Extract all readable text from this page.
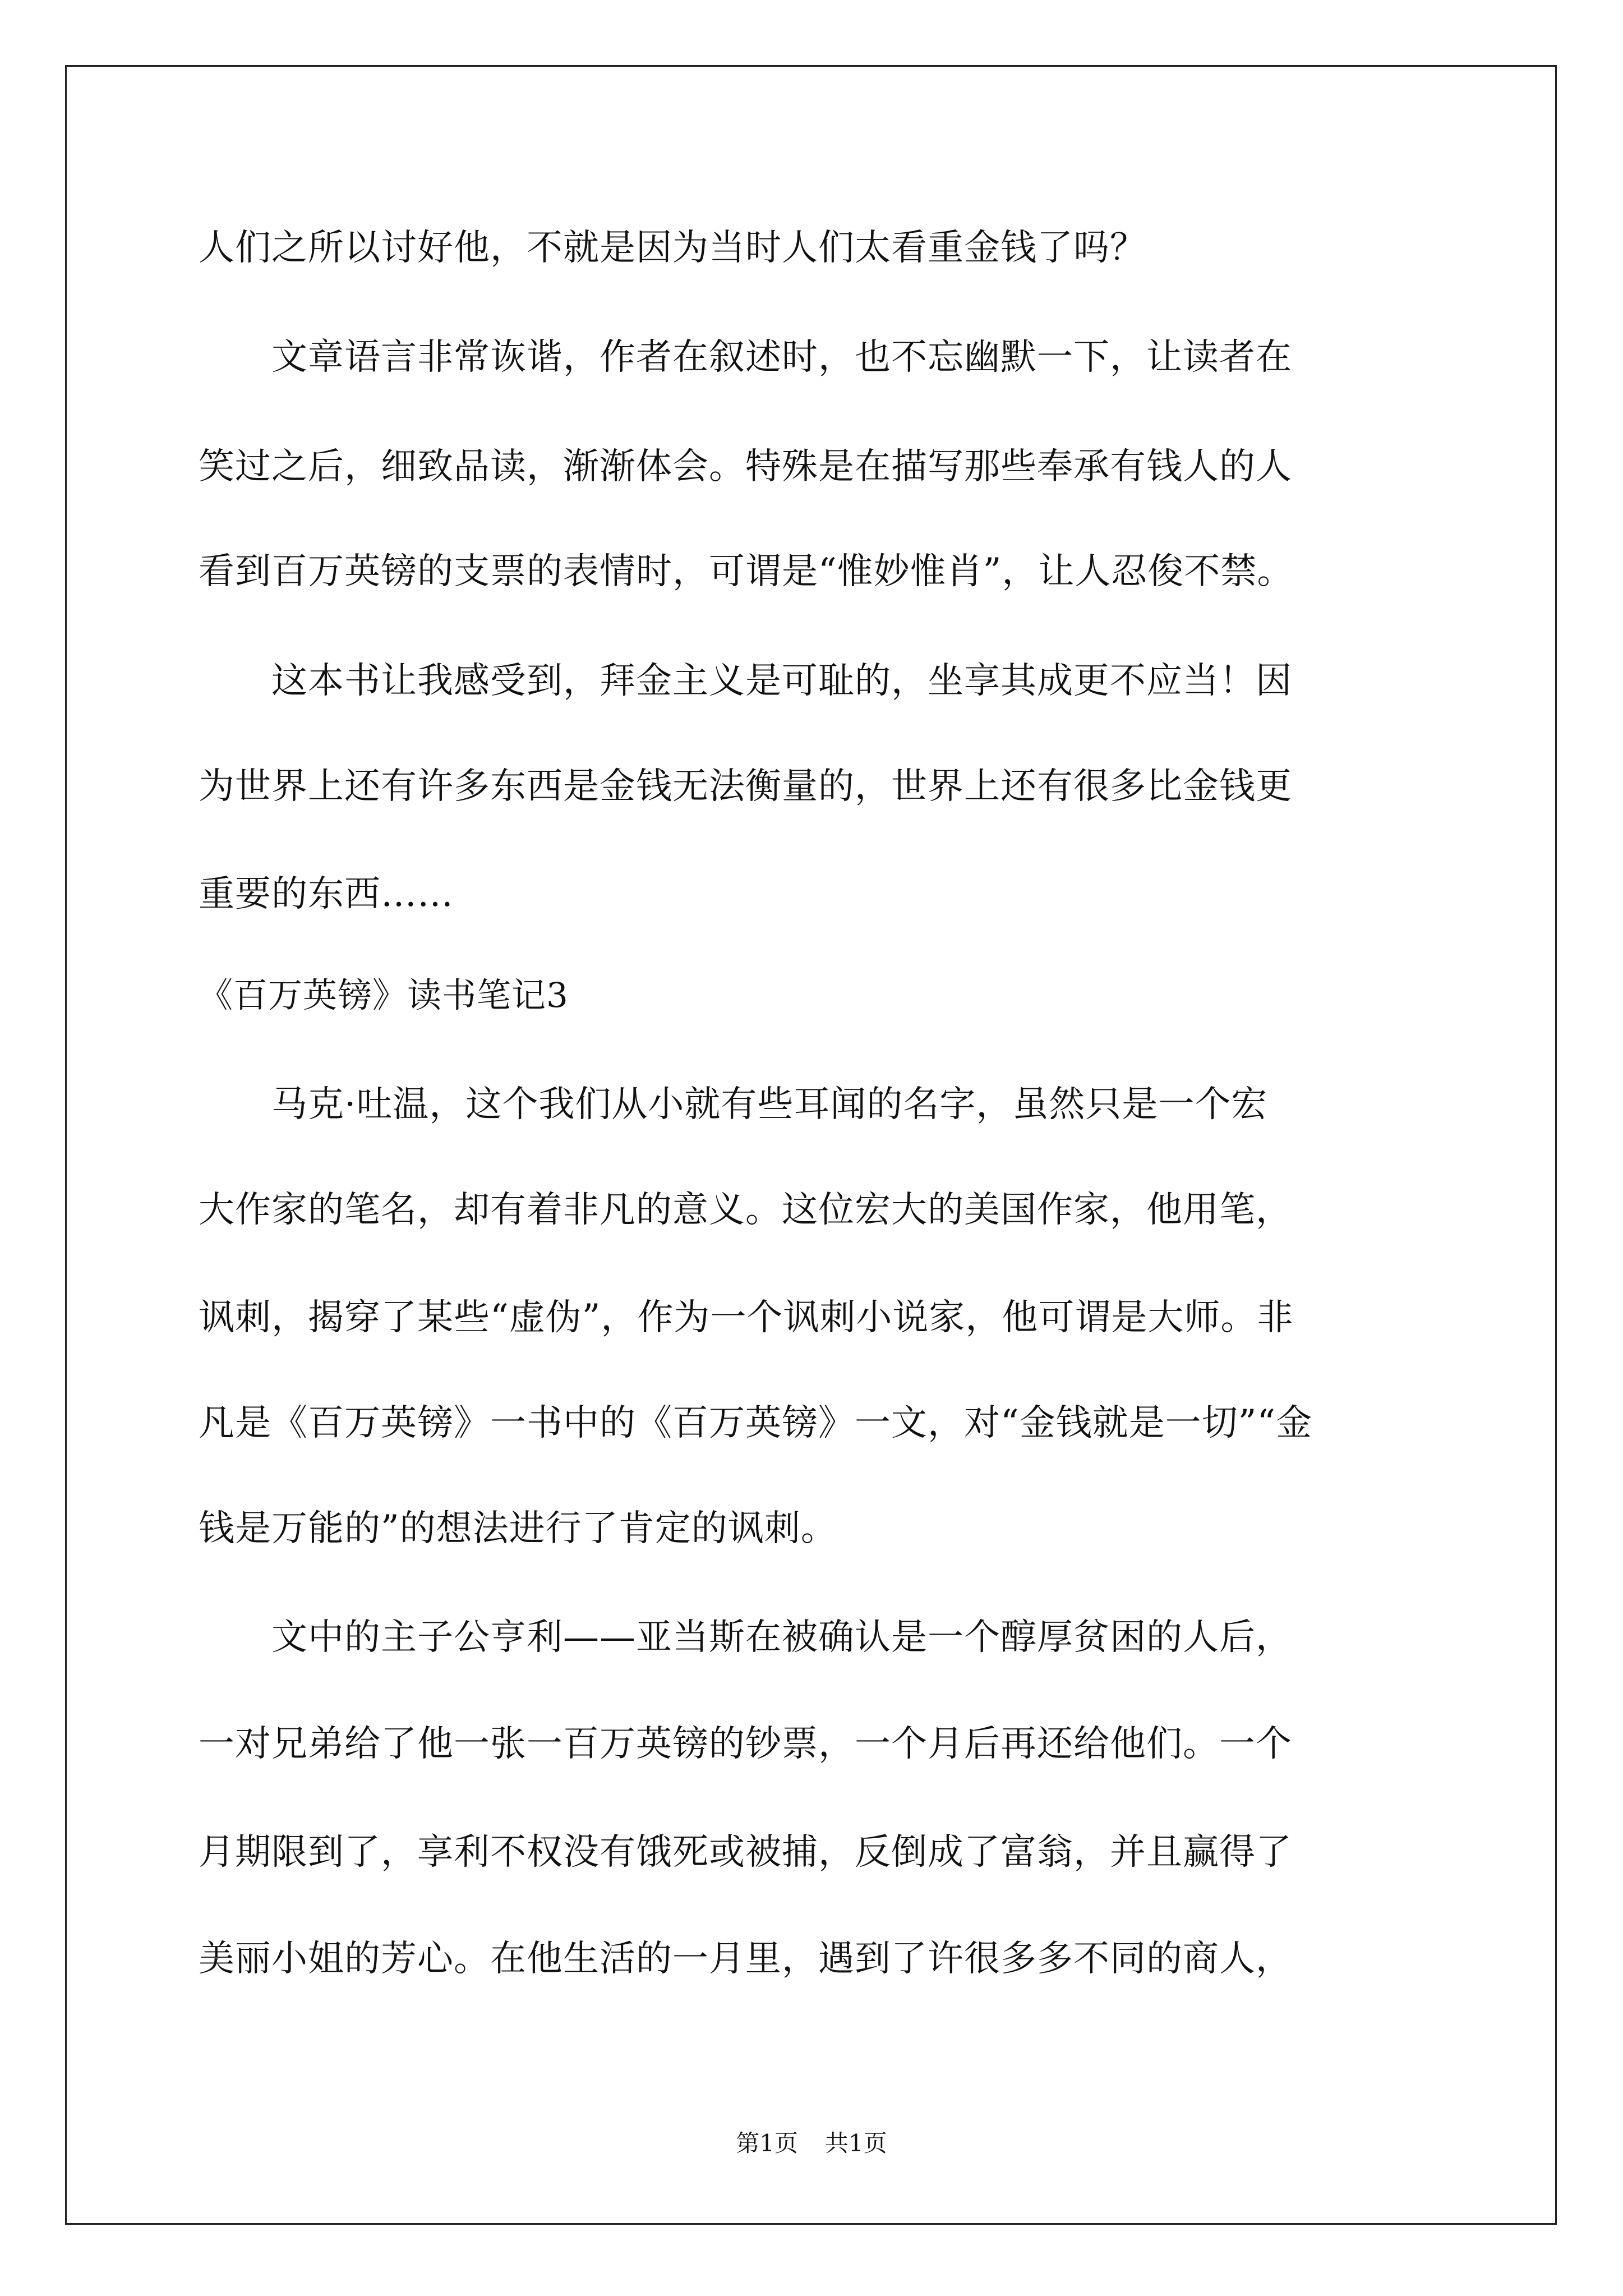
人们之所以讨好他，不就是因为当时人们太看重金钱了吗？
　　文章语言非常诙谐，作者在叙述时，也不忘幽默一下，让读者在
笑过之后，细致品读，渐渐体会。特殊是在描写那些奉承有钱人的人
看到百万英镑的支票的表情时，可谓是“惟妙惟肖”，让人忍俊不禁。
　　这本书让我感受到，拜金主义是可耻的，坐享其成更不应当！因
为世界上还有许多东西是金钱无法衡量的，世界上还有很多比金钱更
重要的东西……
《百万英镑》读书笔记3
　　马克·吐温，这个我们从小就有些耳闻的名字，虽然只是一个宏
大作家的笔名，却有着非凡的意义。这位宏大的美国作家，他用笔，
讽刺，揭穿了某些“虚伪”，作为一个讽刺小说家，他可谓是大师。非
凡是《百万英镑》一书中的《百万英镑》一文，对“金钱就是一切”“金
钱是万能的”的想法进行了肯定的讽刺。
　　文中的主子公亨利——亚当斯在被确认是一个醇厚贫困的人后，
一对兄弟给了他一张一百万英镑的钞票，一个月后再还给他们。一个
月期限到了，享利不权没有饿死或被捕，反倒成了富翁，并且赢得了
美丽小姐的芳心。在他生活的一月里，遇到了许很多多不同的商人，
第1页 共1页
